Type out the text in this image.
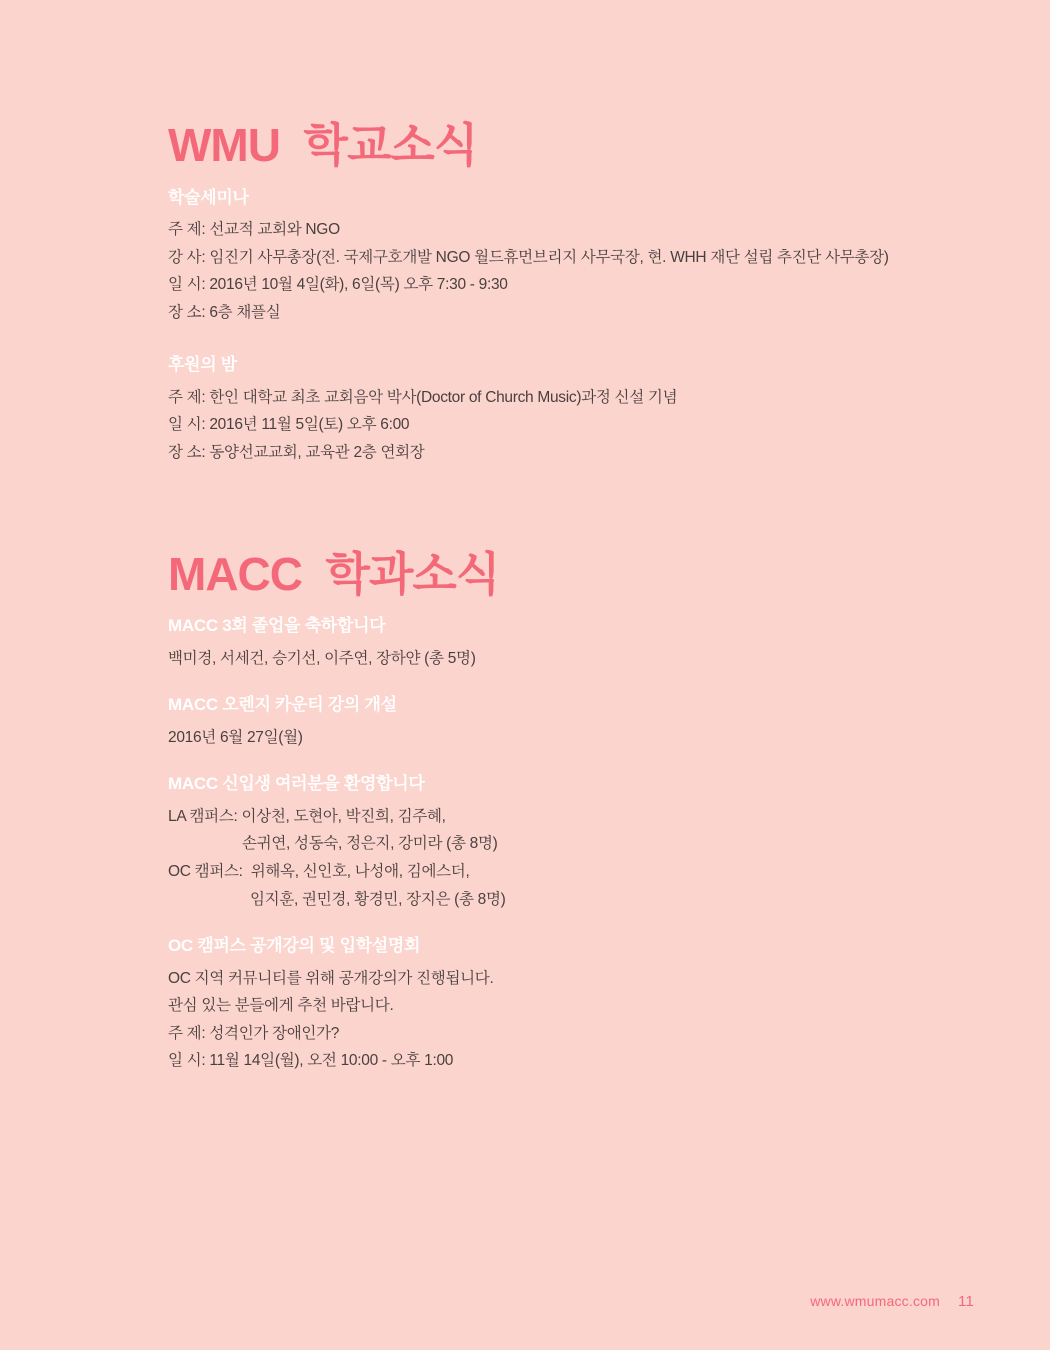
WMU  학교소식
학술세미나
주 제: 선교적 교회와 NGO
강 사: 임진기 사무총장(전. 국제구호개발 NGO 월드휴먼브리지 사무국장, 현. WHH 재단 설립 추진단 사무총장)
일 시: 2016년 10월 4일(화), 6일(목) 오후 7:30 - 9:30
장 소: 6층 채플실
후원의 밤
주 제: 한인 대학교 최초 교회음악 박사(Doctor of Church Music)과정 신설 기념
일 시: 2016년 11월 5일(토) 오후 6:00
장 소: 동양선교교회, 교육관 2층 연회장
MACC  학과소식
MACC 3회 졸업을 축하합니다
백미경, 서세건, 승기선, 이주연, 장하얀 (총 5명)
MACC 오렌지 카운티 강의 개설
2016년 6월 27일(월)
MACC 신입생 여러분을 환영합니다
LA 캠퍼스: 이상천, 도현아, 박진희, 김주혜,
손귀연, 성동숙, 정은지, 강미라 (총 8명)
OC 캠퍼스:  위해옥, 신인호, 나성애, 김에스더,
임지훈, 권민경, 황경민, 장지은 (총 8명)
OC 캠퍼스 공개강의 및 입학설명회
OC 지역 커뮤니티를 위해 공개강의가 진행됩니다.
관심 있는 분들에게 추천 바랍니다.
주 제: 성격인가 장애인가?
일 시: 11월 14일(월), 오전 10:00 - 오후 1:00
www.wmumacc.com 11
